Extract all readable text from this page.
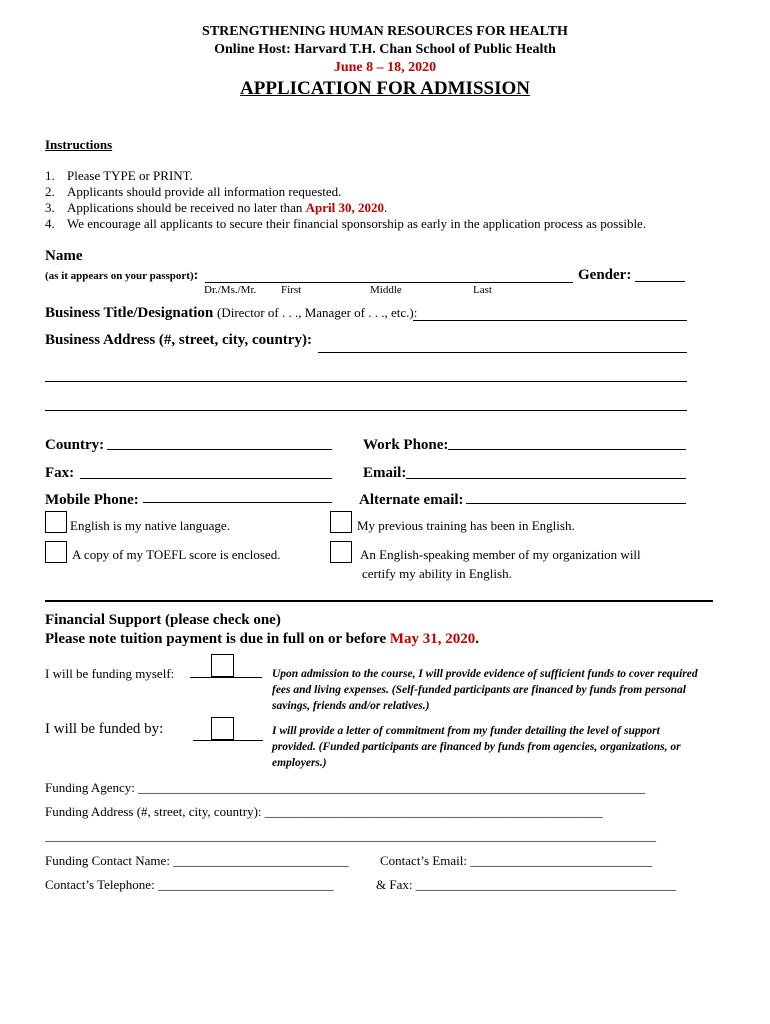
STRENGTHENING HUMAN RESOURCES FOR HEALTH
Online Host: Harvard T.H. Chan School of Public Health
June 8 – 18, 2020
APPLICATION FOR ADMISSION
Instructions
1. Please TYPE or PRINT.
2. Applicants should provide all information requested.
3. Applications should be received no later than April 30, 2020.
4. We encourage all applicants to secure their financial sponsorship as early in the application process as possible.
Name
(as it appears on your passport):
Dr./Ms./Mr. First	Middle	Last
Gender:
Business Title/Designation (Director of . . ., Manager of . . ., etc.):
Business Address (#, street, city, country):
Country:	Work Phone:
Fax:	Email:
Mobile Phone:	Alternate email:
English is my native language.	My previous training has been in English.
A copy of my TOEFL score is enclosed.	An English-speaking member of my organization will
certify my ability in English.
Financial Support (please check one)
Please note tuition payment is due in full on or before May 31, 2020.
I will be funding myself:	Upon admission to the course, I will provide evidence of sufficient funds to cover required fees and living expenses. (Self-funded participants are financed by funds from personal savings, friends and/or relatives.)
I will be funded by:	I will provide a letter of commitment from my funder detailing the level of support provided. (Funded participants are financed by funds from agencies, organizations, or employers.)
Funding Agency: ______________________________________________________________________________
Funding Address (#, street, city, country): ____________________________________________________
______________________________________________________________________________________________
Funding Contact Name: ___________________________	Contact’s Email: ____________________________
Contact’s Telephone: ___________________________	& Fax: ________________________________________
